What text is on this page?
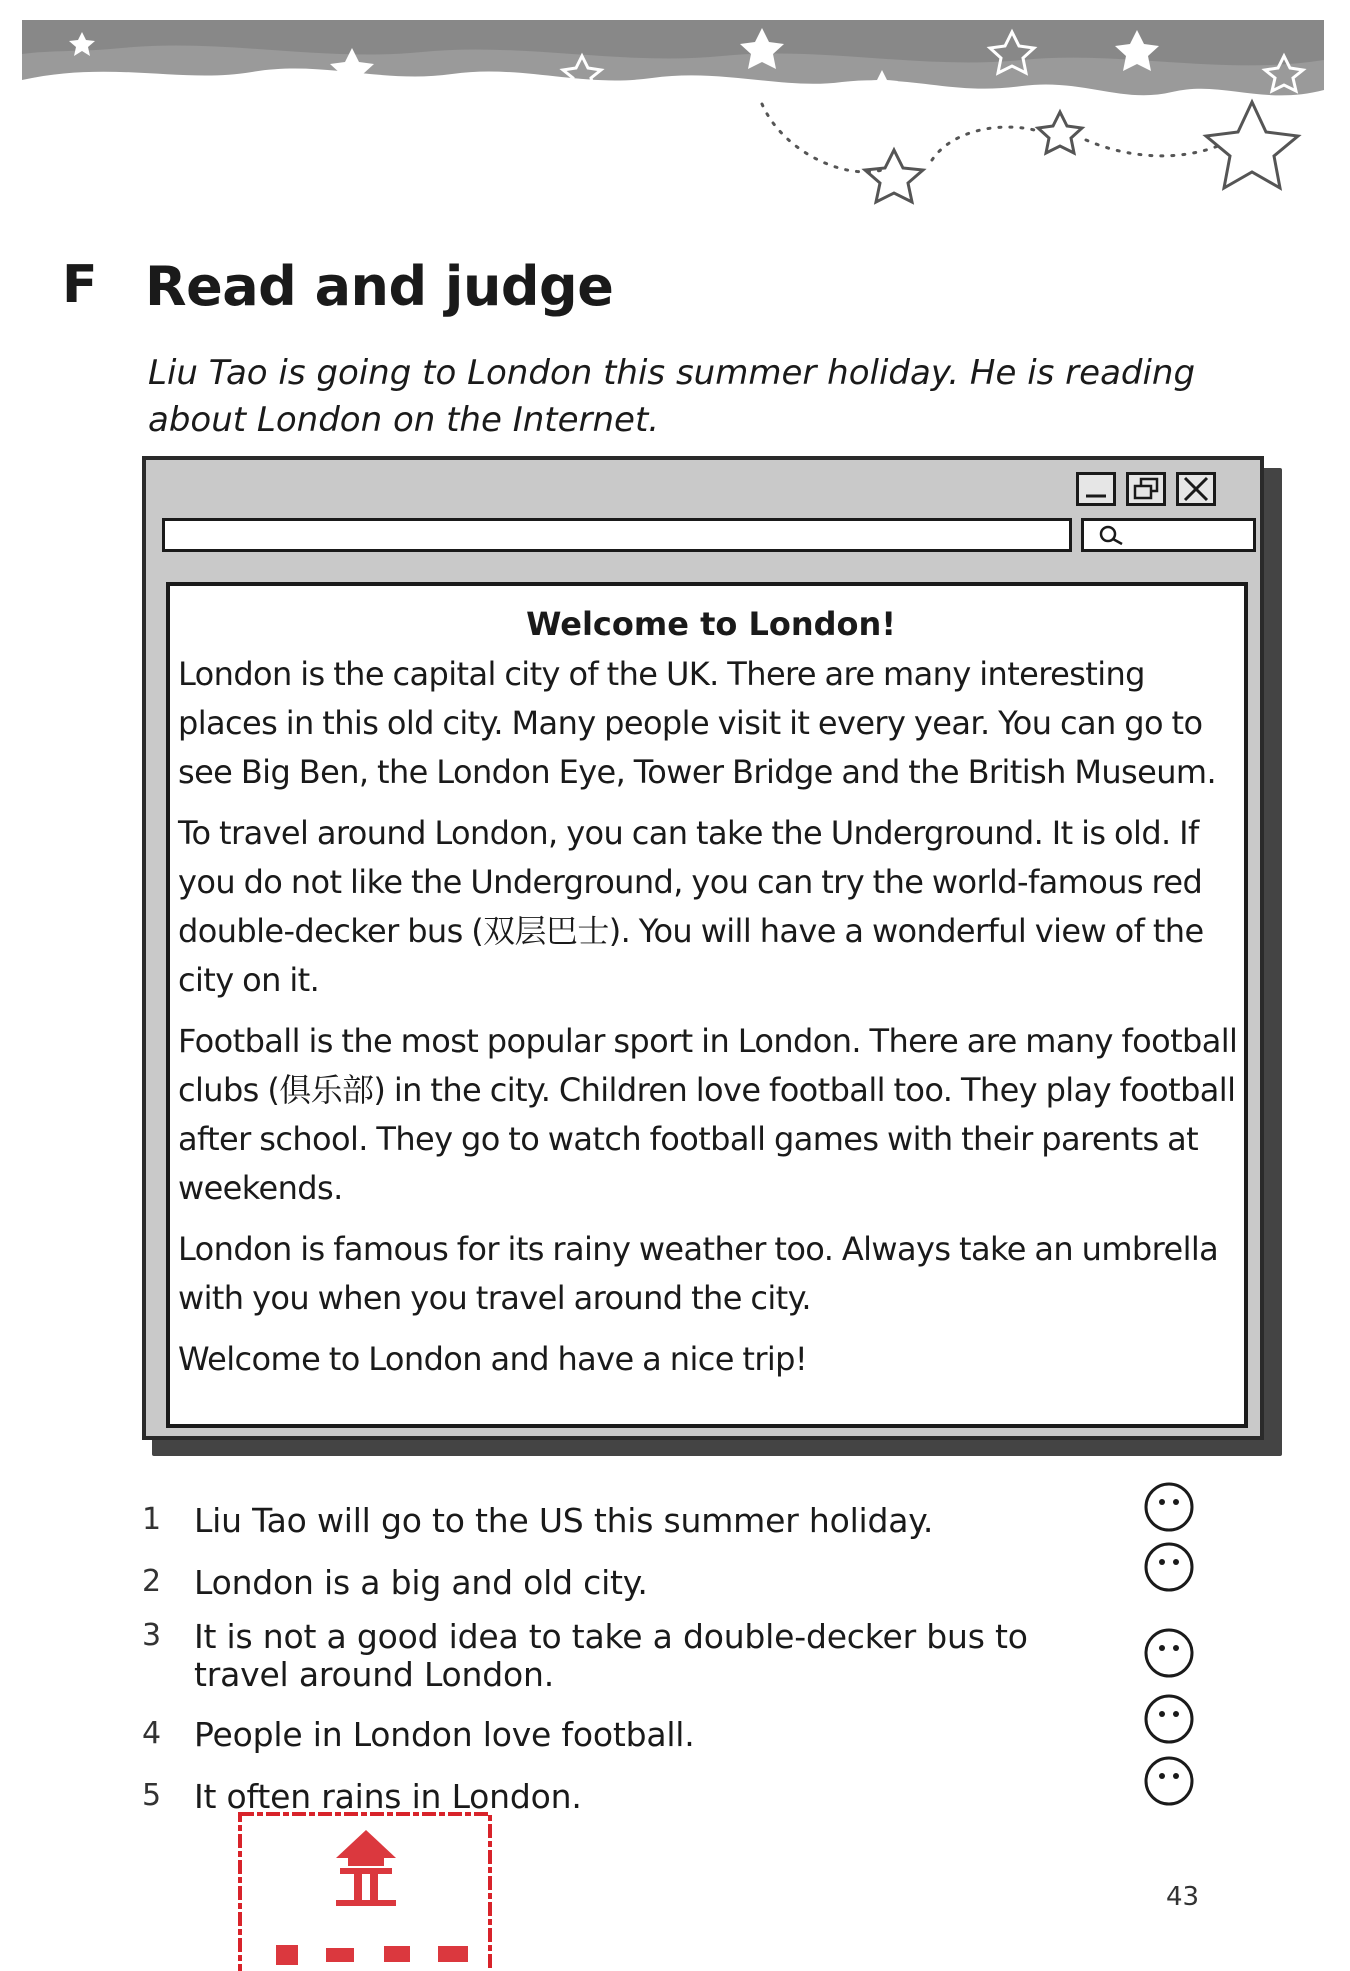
F Read and judge
Liu Tao is going to London this summer holiday. He is reading about London on the Internet.
Welcome to London!

London is the capital city of the UK. There are many interesting places in this old city. Many people visit it every year. You can go to see Big Ben, the London Eye, Tower Bridge and the British Museum.

To travel around London, you can take the Underground. It is old. If you do not like the Underground, you can try the world-famous red double-decker bus (双层巴士). You will have a wonderful view of the city on it.

Football is the most popular sport in London. There are many football clubs (俱乐部) in the city. Children love football too. They play football after school. They go to watch football games with their parents at weekends.

London is famous for its rainy weather too. Always take an umbrella with you when you travel around the city.

Welcome to London and have a nice trip!

1 Liu Tao will go to the US this summer holiday.
2 London is a big and old city.
3 It is not a good idea to take a double-decker bus to travel around London.
4 People in London love football.
5 It often rains in London.
43
